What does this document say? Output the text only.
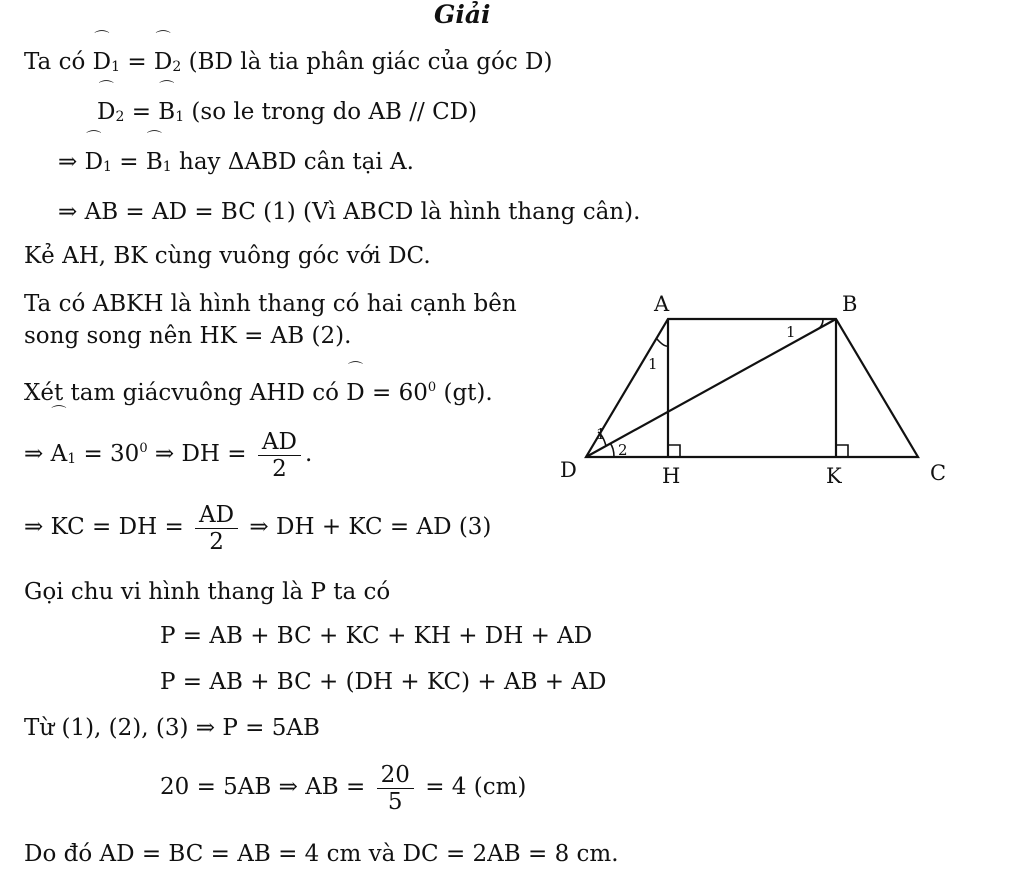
Giải
Ta có ⌒ $D_1$ = ⌒ $D_2$ (BD là tia phân giác của góc D)
⌒ $D_2$ = ⌒ $B_1$ (so le trong do AB // CD)
⇒ ⌒ $D_1$ = ⌒ $B_1$ hay ΔABD cân tại A.
⇒ AB = AD = BC (1) (Vì ABCD là hình thang cân).
Kẻ AH, BK cùng vuông góc với DC.
Ta có ABKH là hình thang có hai cạnh bên
song song nên HK = AB (2).
Xét tam giácvuông AHD có ⌒ $D = 60^0$ (gt).
⇒ ⌒ $A_1 = 30^0$ ⇒ DH = $\frac{AD}{2}$ .
⇒ KC = DH = $\frac{AD}{2}$ ⇒ DH + KC = AD (3)
Gọi chu vi hình thang là P ta có
P = AB + BC + KC + KH + DH + AD
P = AB + BC + (DH + KC) + AB + AD
Từ (1), (2), (3) ⇒ P = 5AB
20 = 5AB ⇒ AB = $\frac{20}{5} = 4$ (cm)
Do đó AD = BC = AB = 4 cm và DC = 2AB = 8 cm.
A	B
C
D	H	K
1
1
1
2
